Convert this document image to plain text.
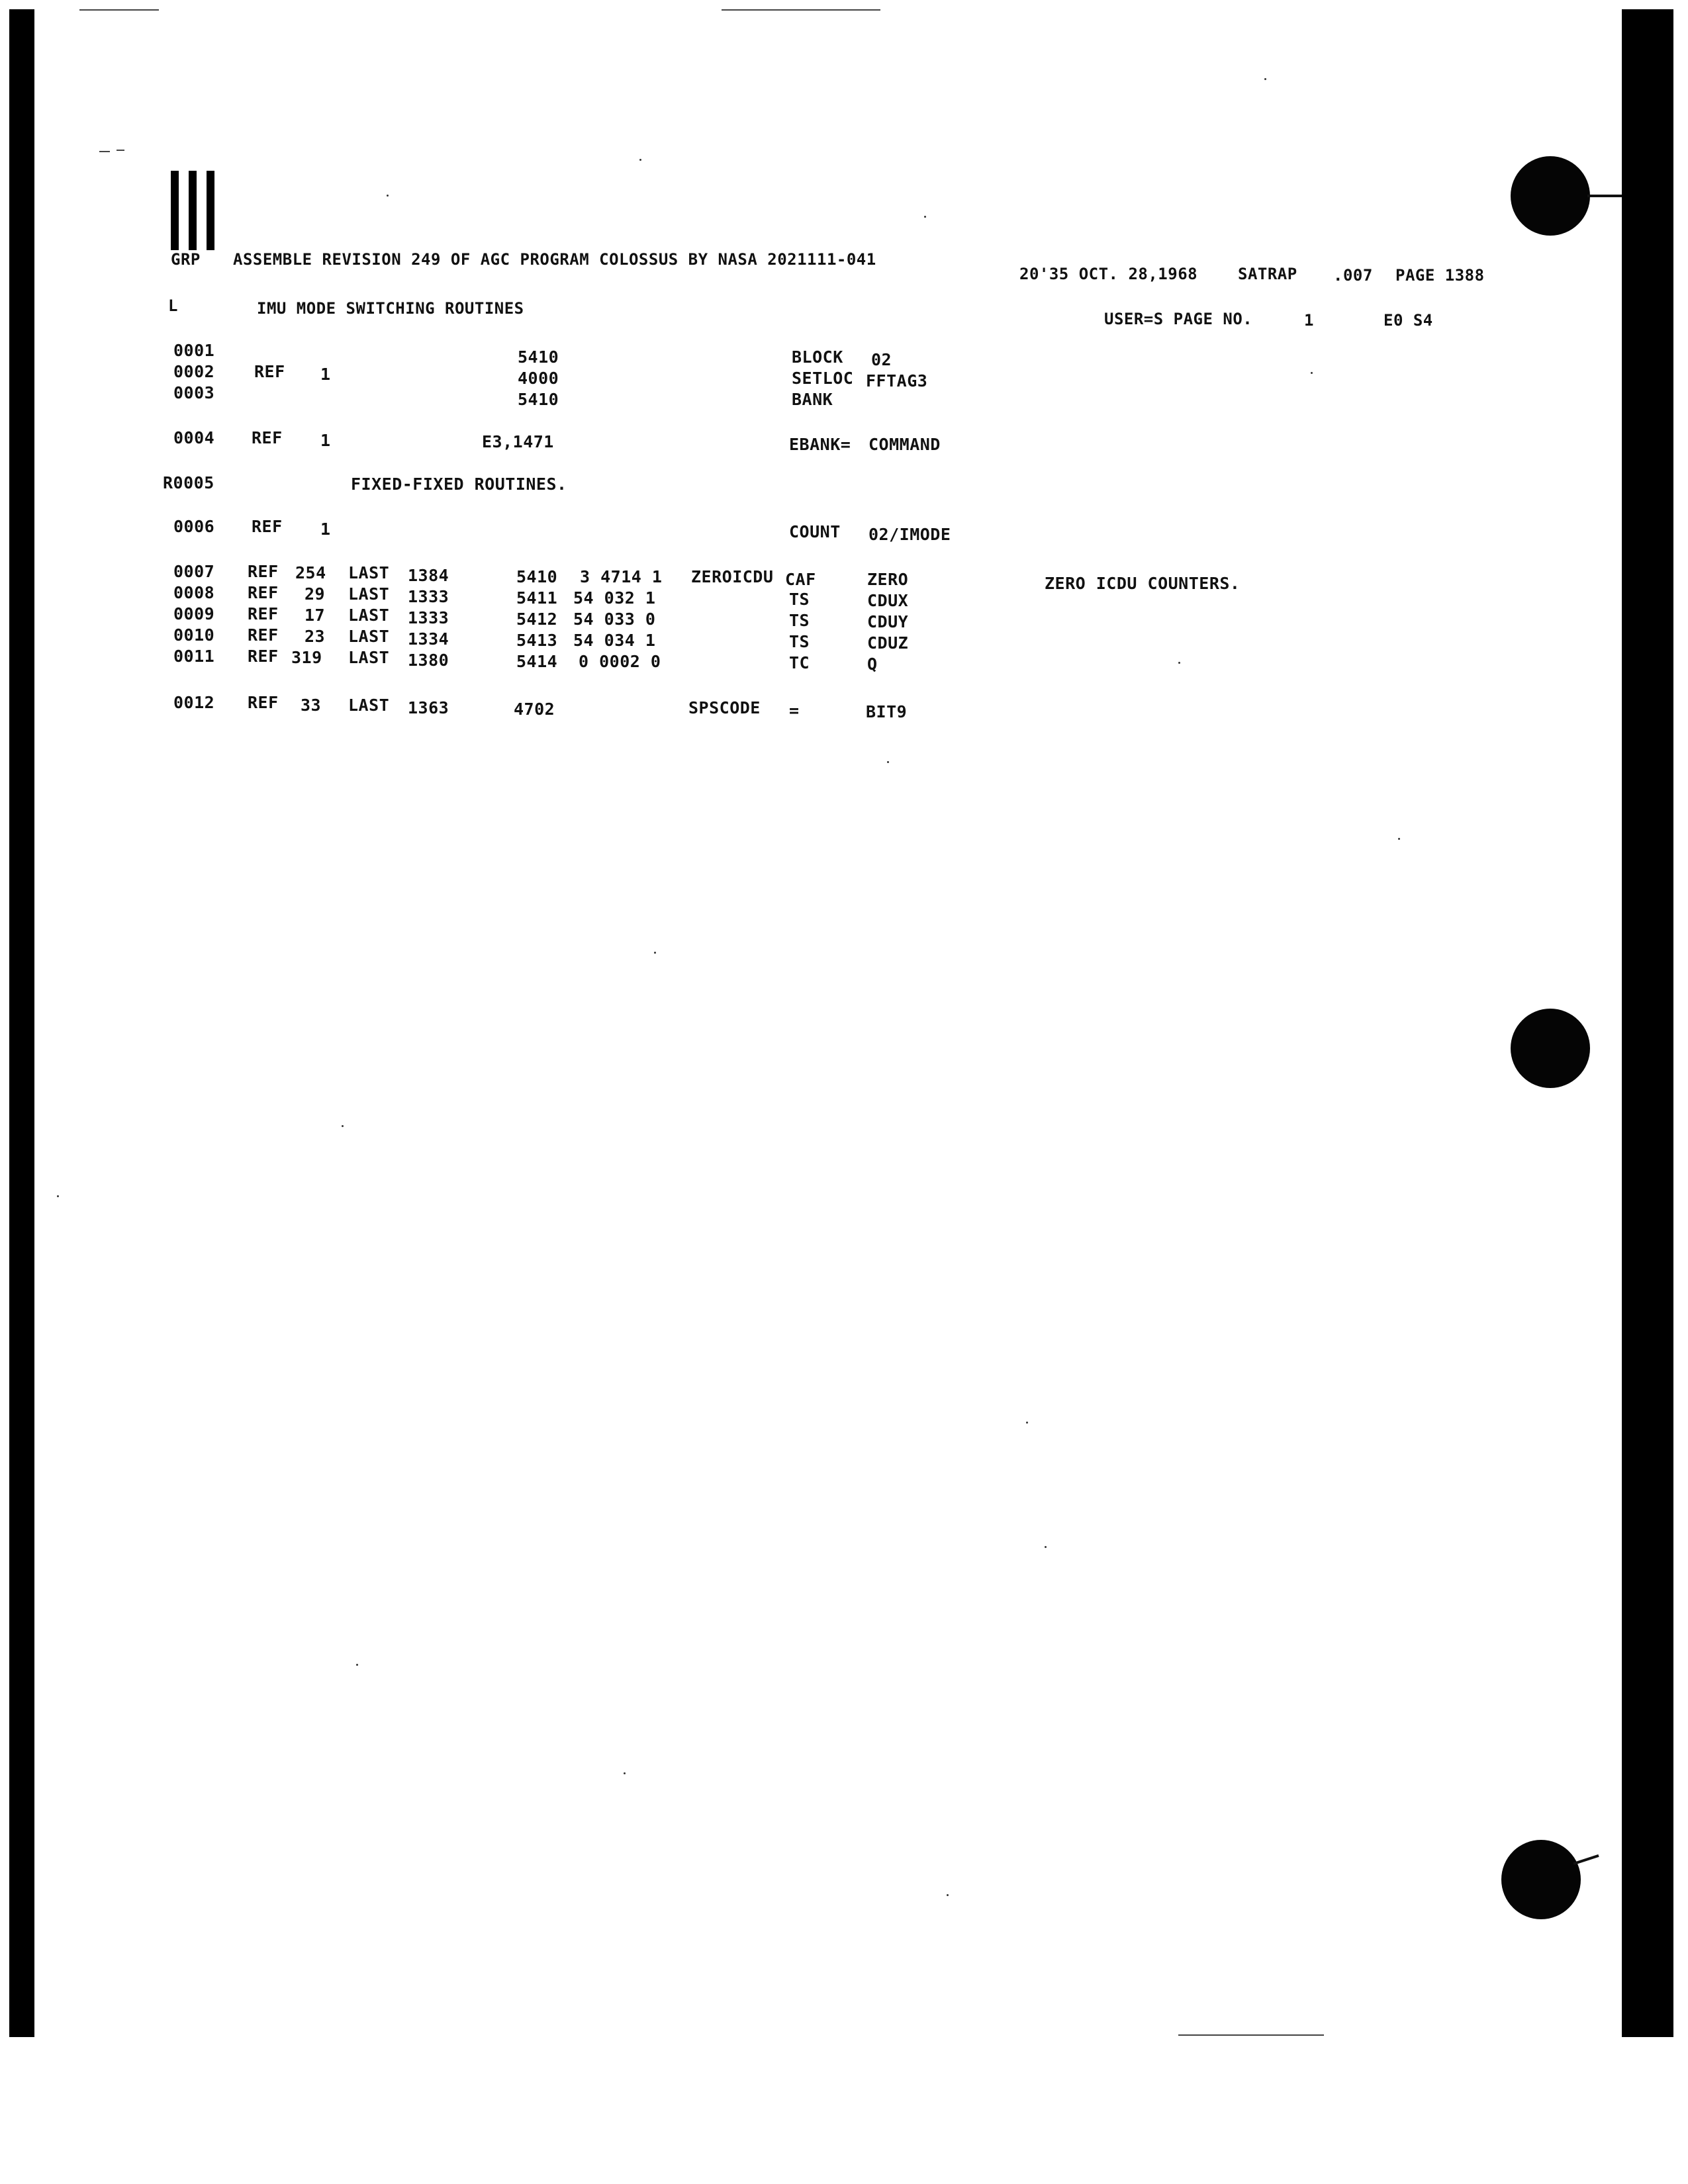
GRP ASSEMBLE REVISION 249 OF AGC PROGRAM COLOSSUS BY NASA 2021111-041
20'35 OCT. 28,1968	SATRAP .007 PAGE 1388
L	IMU MODE SWITCHING ROUTINES
USER=S PAGE NO.	1	E0 S4
0001	5410	BLOCK 02
0002 REF 1	4000	SETLOC FFTAG3
0003	5410	BANK
0004 REF 1	E3,1471	EBANK= COMMAND
R0005	FIXED-FIXED ROUTINES.
0006 REF 1	COUNT 02/IMODE
0007 REF 254 LAST 1384	5410 3 4714 1 ZEROICDU CAF	ZERO	ZERO ICDU COUNTERS.
0008 REF 29 LAST 1333	5411 54 032 1	TS	CDUX
0009 REF 17 LAST 1333	5412 54 033 0	TS	CDUY
0010 REF 23 LAST 1334	5413 54 034 1	TS	CDUZ
0011 REF 319 LAST 1380	5414 0 0002 0	TC	Q
0012 REF 33 LAST 1363	4702	SPSCODE =	BIT9
